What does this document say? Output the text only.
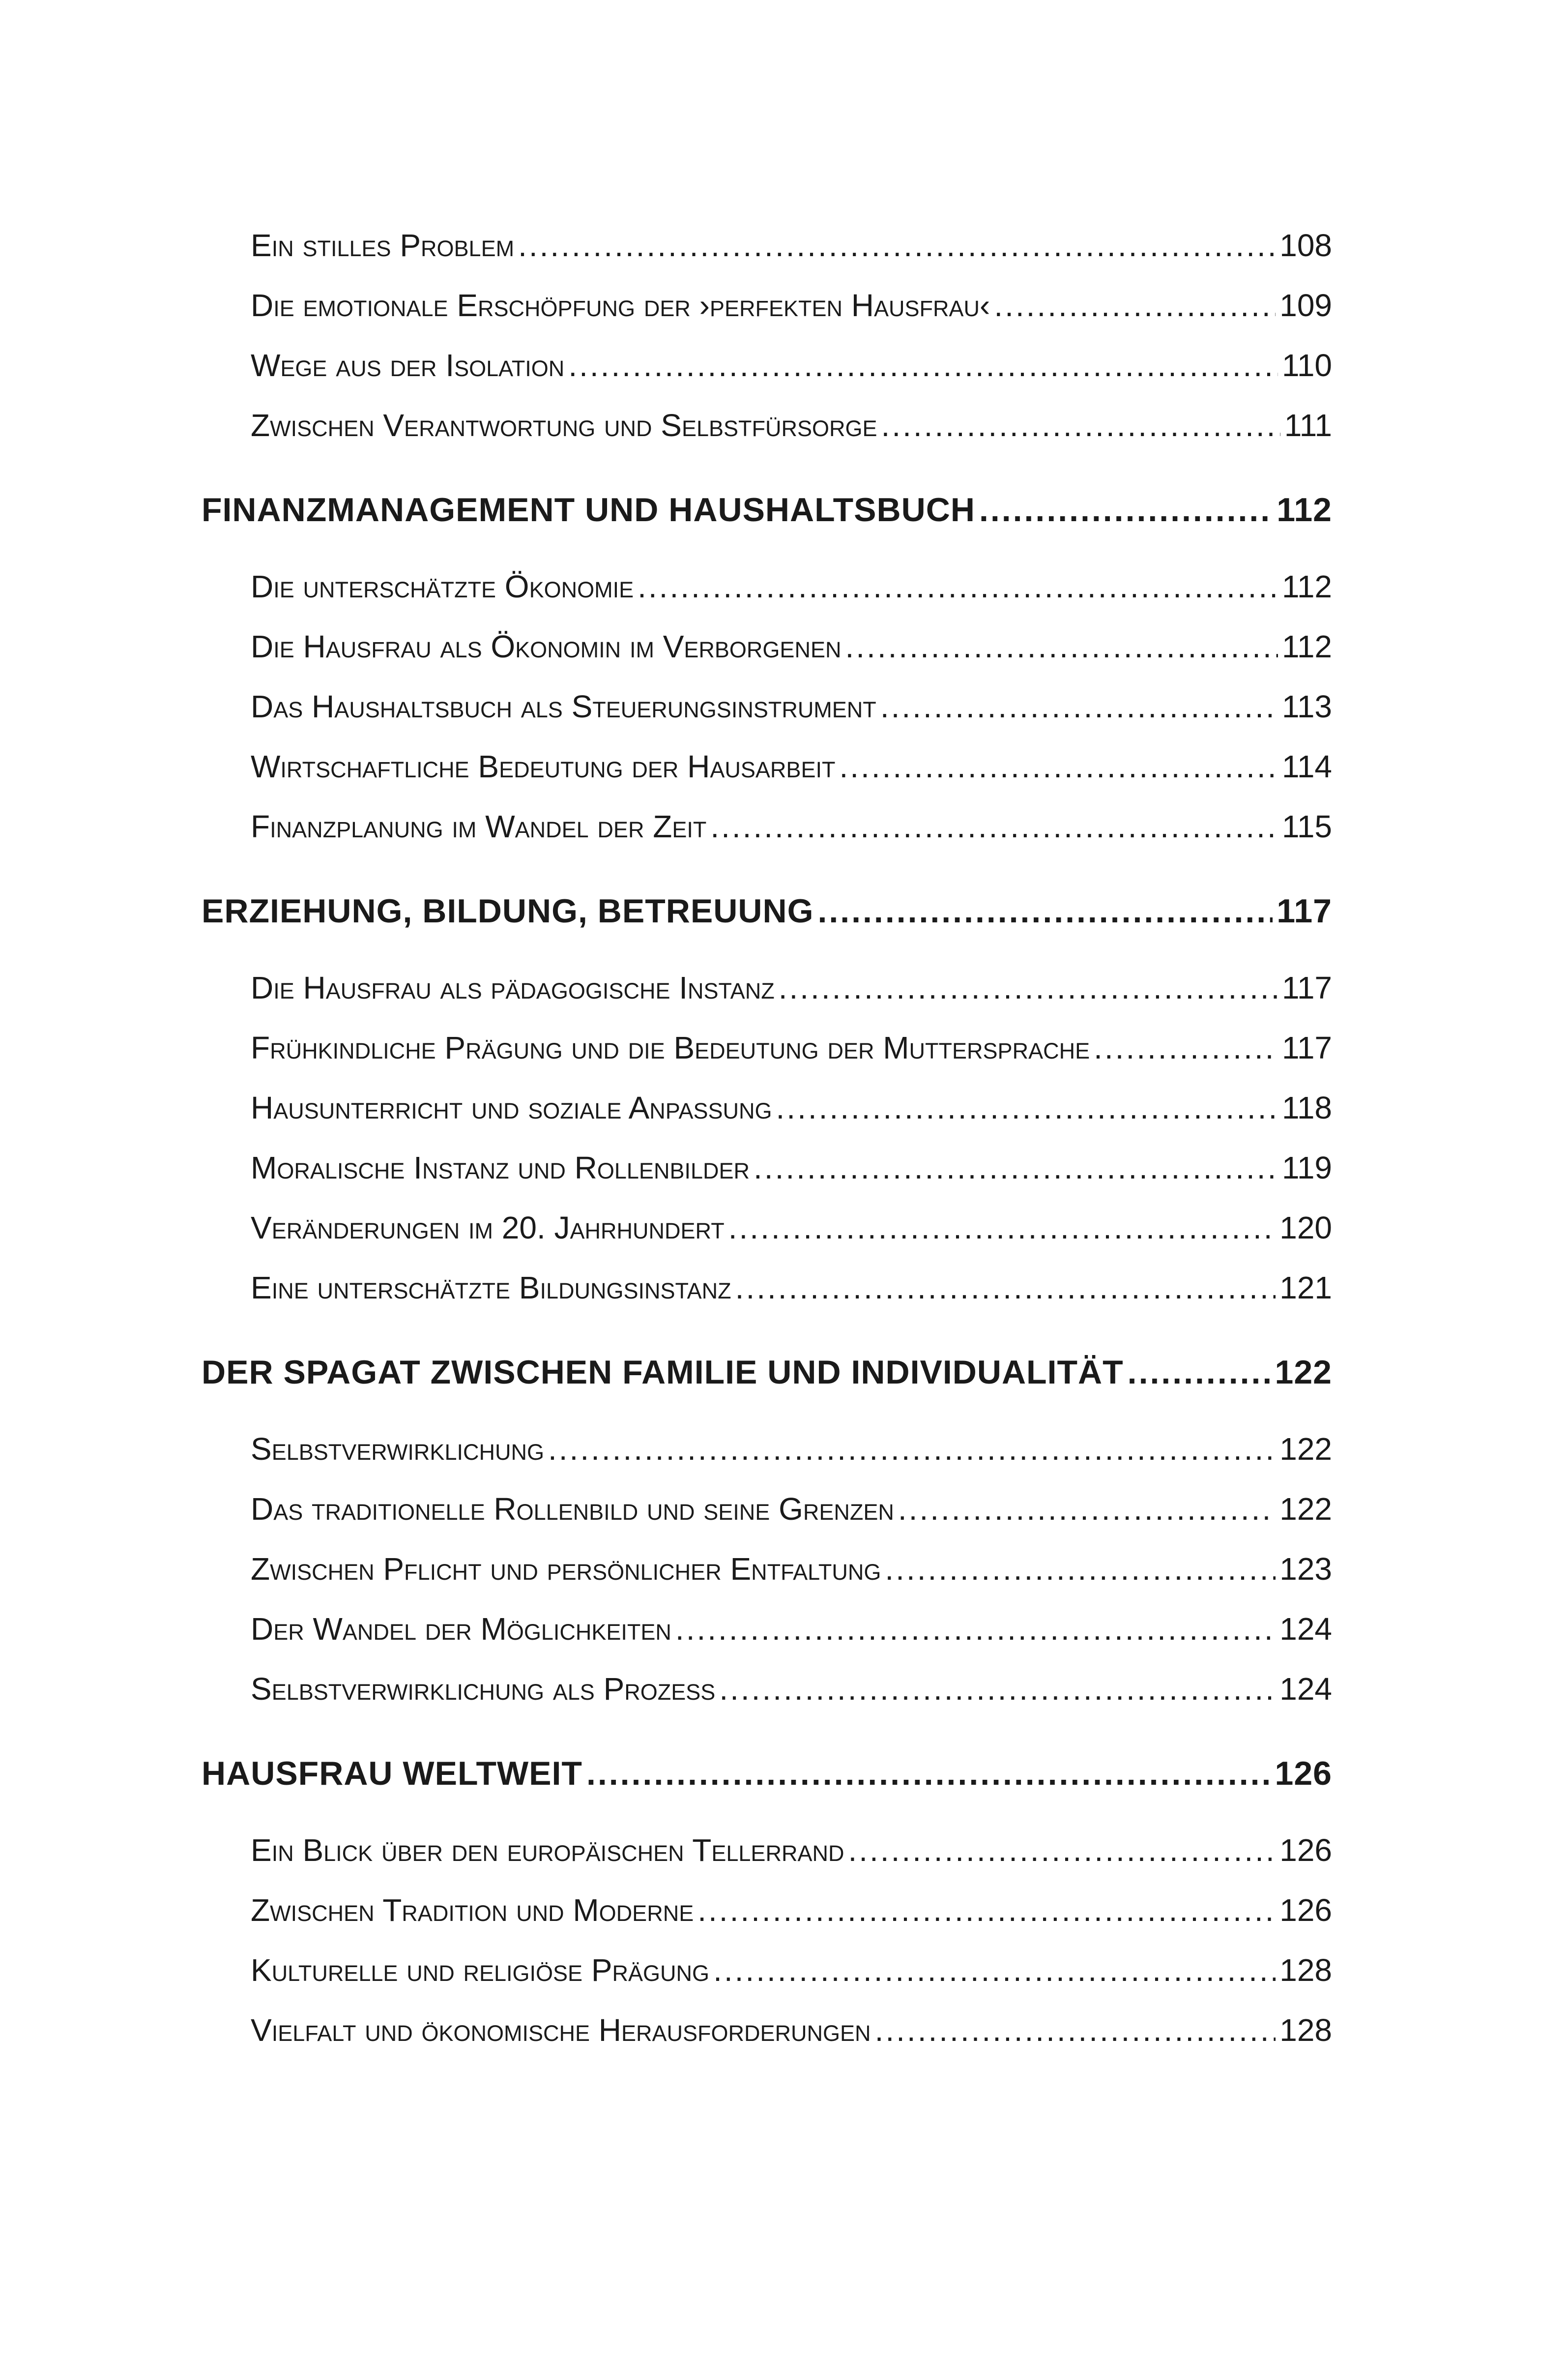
Ein stilles Problem .....	108
Die emotionale Erschöpfung der ›perfekten Hausfrau‹ .....	109
Wege aus der Isolation .....	110
Zwischen Verantwortung und Selbstfürsorge .....	111
FINANZMANAGEMENT UND HAUSHALTSBUCH .....	112
Die unterschätzte Ökonomie .....	112
Die Hausfrau als Ökonomin im Verborgenen .....	112
Das Haushaltsbuch als Steuerungsinstrument .....	113
Wirtschaftliche Bedeutung der Hausarbeit .....	114
Finanzplanung im Wandel der Zeit .....	115
ERZIEHUNG, BILDUNG, BETREUUNG .....	117
Die Hausfrau als pädagogische Instanz .....	117
Frühkindliche Prägung und die Bedeutung der Muttersprache .....	117
Hausunterricht und soziale Anpassung .....	118
Moralische Instanz und Rollenbilder .....	119
Veränderungen im 20. Jahrhundert .....	120
Eine unterschätzte Bildungsinstanz .....	121
DER SPAGAT ZWISCHEN FAMILIE UND INDIVIDUALITÄT .....	122
Selbstverwirklichung .....	122
Das traditionelle Rollenbild und seine Grenzen .....	122
Zwischen Pflicht und persönlicher Entfaltung .....	123
Der Wandel der Möglichkeiten .....	124
Selbstverwirklichung als Prozess .....	124
HAUSFRAU WELTWEIT .....	126
Ein Blick über den europäischen Tellerrand .....	126
Zwischen Tradition und Moderne .....	126
Kulturelle und religiöse Prägung .....	128
Vielfalt und ökonomische Herausforderungen .....	128
